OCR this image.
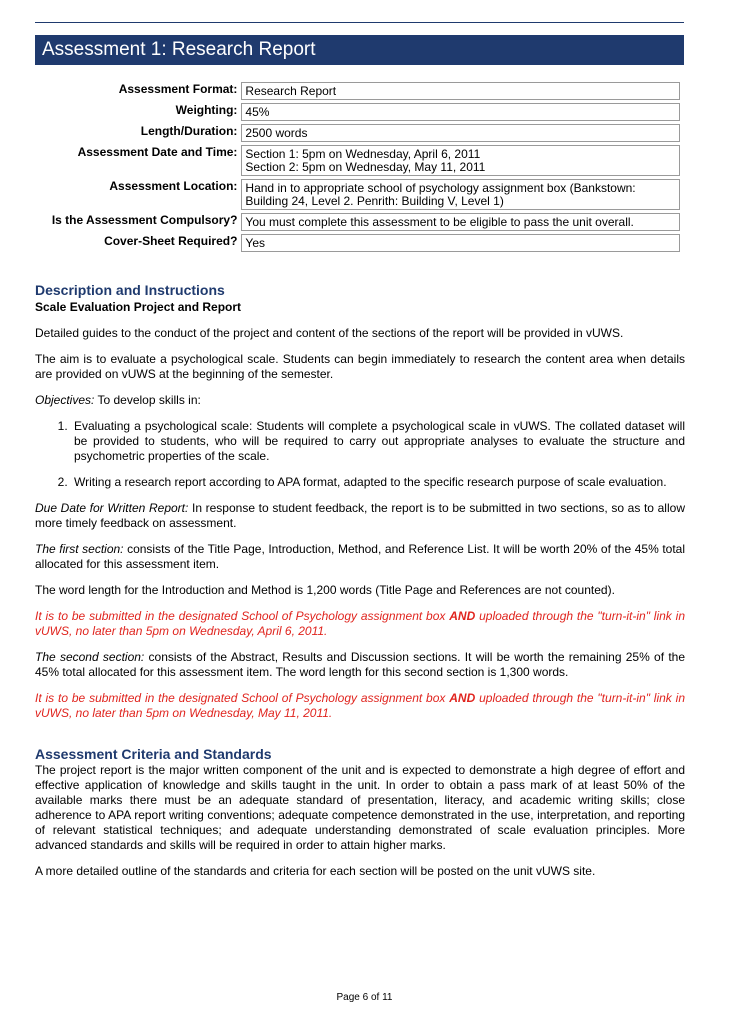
Assessment 1: Research Report
Assessment Format:	Research Report

Weighting:	45%

Length/Duration:	2500 words

Assessment Date and Time:	Section 1: 5pm on Wednesday, April 6, 2011
Section 2: 5pm on Wednesday, May 11, 2011

Assessment Location:	Hand in to appropriate school of psychology assignment box (Bankstown:
Building 24, Level 2. Penrith: Building V, Level 1)

Is the Assessment Compulsory?	You must complete this assessment to be eligible to pass the unit overall.

Cover-Sheet Required?	Yes
Description and Instructions
Scale Evaluation Project and Report

Detailed guides to the conduct of the project and content of the sections of the report will be provided in vUWS.

The aim is to evaluate a psychological scale. Students can begin immediately to research the content area when details are provided on vUWS at the beginning of the semester.

Objectives: To develop skills in:

1. Evaluating a psychological scale: Students will complete a psychological scale in vUWS. The collated dataset will be provided to students, who will be required to carry out appropriate analyses to evaluate the structure and psychometric properties of the scale.
2. Writing a research report according to APA format, adapted to the specific research purpose of scale evaluation.

Due Date for Written Report: In response to student feedback, the report is to be submitted in two sections, so as to allow more timely feedback on assessment.

The first section: consists of the Title Page, Introduction, Method, and Reference List. It will be worth 20% of the 45% total allocated for this assessment item.

The word length for the Introduction and Method is 1,200 words (Title Page and References are not counted).

It is to be submitted in the designated School of Psychology assignment box AND uploaded through the "turn-it-in" link in vUWS, no later than 5pm on Wednesday, April 6, 2011.

The second section: consists of the Abstract, Results and Discussion sections. It will be worth the remaining 25% of the 45% total allocated for this assessment item. The word length for this second section is 1,300 words.

It is to be submitted in the designated School of Psychology assignment box AND uploaded through the "turn-it-in" link in vUWS, no later than 5pm on Wednesday, May 11, 2011.

Assessment Criteria and Standards

The project report is the major written component of the unit and is expected to demonstrate a high degree of effort and effective application of knowledge and skills taught in the unit. In order to obtain a pass mark of at least 50% of the available marks there must be an adequate standard of presentation, literacy, and academic writing skills; close adherence to APA report writing conventions; adequate competence demonstrated in the use, interpretation, and reporting of relevant statistical techniques; and adequate understanding demonstrated of scale evaluation principles. More advanced standards and skills will be required in order to attain higher marks.

A more detailed outline of the standards and criteria for each section will be posted on the unit vUWS site.

Page 6 of 11
